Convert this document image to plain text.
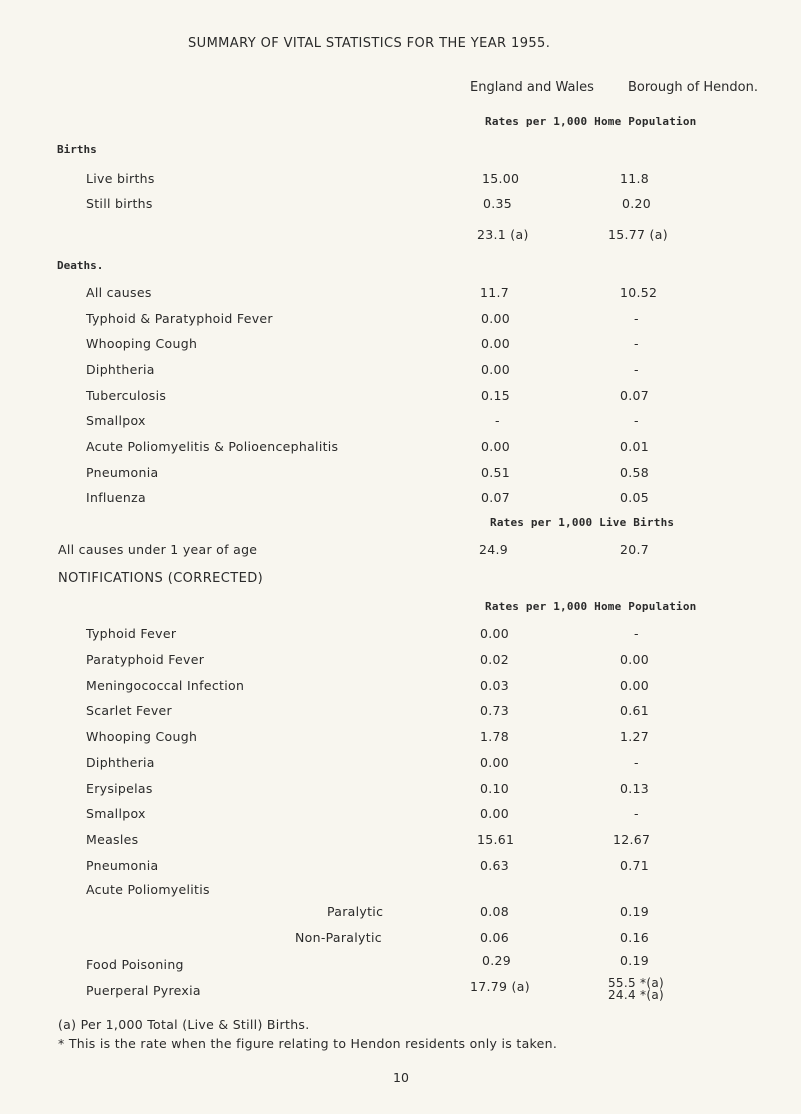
SUMMARY OF VITAL STATISTICS FOR THE YEAR 1955.
England and Wales	Borough of Hendon.
Rates per 1,000 Home Population
Births
Live births	15.00	11.8
Still births	0.35	0.20
23.1 (a)	15.77 (a)
Deaths.
All causes	11.7	10.52
Typhoid & Paratyphoid Fever	0.00	-
Whooping Cough	0.00	-
Diphtheria	0.00	-
Tuberculosis	0.15	0.07
Smallpox	-	-
Acute Poliomyelitis & Polioencephalitis	0.00	0.01
Pneumonia	0.51	0.58
Influenza	0.07	0.05
Rates per 1,000 Live Births
All causes under 1 year of age	24.9	20.7
NOTIFICATIONS (CORRECTED)
Rates per 1,000 Home Population
Typhoid Fever	0.00	-
Paratyphoid Fever	0.02	0.00
Meningococcal Infection	0.03	0.00
Scarlet Fever	0.73	0.61
Whooping Cough	1.78	1.27
Diphtheria	0.00	-
Erysipelas	0.10	0.13
Smallpox	0.00	-
Measles	15.61	12.67
Pneumonia	0.63	0.71
Acute Poliomyelitis
Paralytic	0.08	0.19
Non-Paralytic	0.06	0.16
Food Poisoning	0.29	0.19
Puerperal Pyrexia	17.79 (a)	55.5 *(a)
24.4 *(a)
(a) Per 1,000 Total (Live & Still) Births.
* This is the rate when the figure relating to Hendon residents only is taken.
10
